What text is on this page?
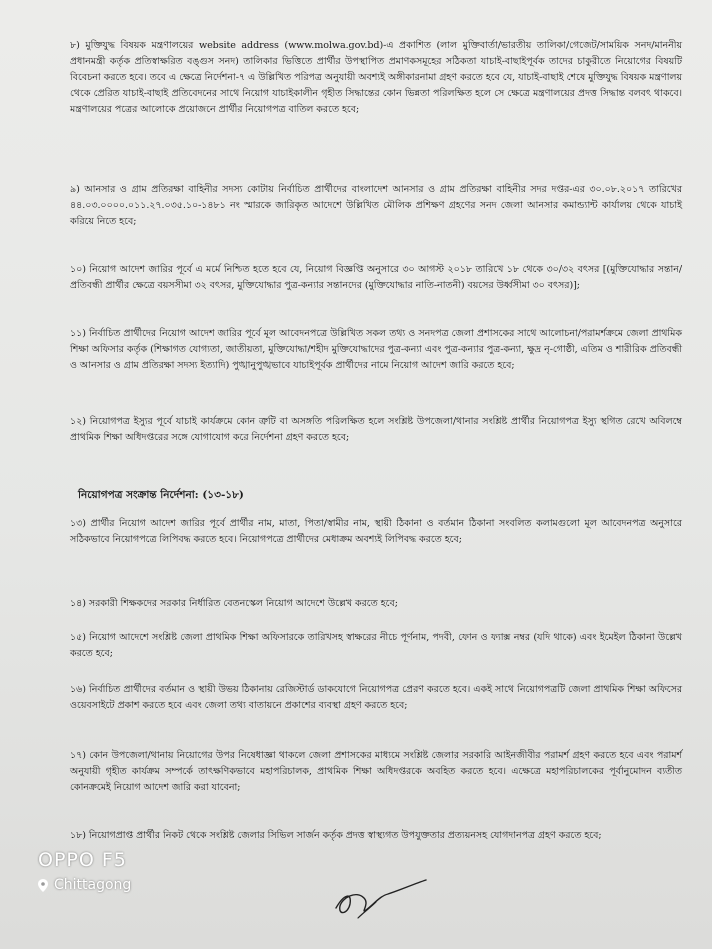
৮) মুক্তিযুদ্ধ বিষয়ক মন্ত্রণালয়ের website address (www.molwa.gov.bd)-এ প্রকাশিত (লাল মুক্তিবার্তা/ভারতীয় তালিকা/গেজেট/সাময়িক সনদ/মাননীয় প্রধানমন্ত্রী কর্তৃক প্রতিস্বাক্ষরিত বঙ্গুস সনদ) তালিকার ভিত্তিতে প্রার্থীর উপস্থাপিত প্রমাণকসমূহের সঠিকতা যাচাই-বাছাইপূর্বক তাদের চাকুরীতে নিয়োগের বিষয়টি বিবেচনা করতে হবে। তবে এ ক্ষেত্রে নির্দেশনা-৭ এ উল্লিখিত পরিপত্র অনুযায়ী অবশ্যই অঙ্গীকারনামা গ্রহণ করতে হবে যে, যাচাই-বাছাই শেষে মুক্তিযুদ্ধ বিষয়ক মন্ত্রণালয় থেকে প্রেরিত যাচাই-বাছাই প্রতিবেদনের সাথে নিয়োগ যাচাইকালীন গৃহীত সিদ্ধান্তের কোন ভিন্নতা পরিলক্ষিত হলে সে ক্ষেত্রে মন্ত্রণালয়ের প্রদত্ত সিদ্ধান্ত বলবৎ থাকবে। মন্ত্রণালয়ের পত্রের আলোকে প্রয়োজনে প্রার্থীর নিয়োগপত্র বাতিল করতে হবে;

৯) আনসার ও গ্রাম প্রতিরক্ষা বাহিনীর সদস্য কোটায় নির্বাচিত প্রার্থীদের বাংলাদেশ আনসার ও গ্রাম প্রতিরক্ষা বাহিনীর সদর দপ্তর-এর ৩০.০৮.২০১৭ তারিখের ৪৪.০৩.০০০০.০১১.২৭.০৩৫.১০-১৪৮১ নং স্মারকে জারিকৃত আদেশে উল্লিখিত মৌলিক প্রশিক্ষণ গ্রহণের সনদ জেলা আনসার কমান্ড্যান্ট কার্যালয় থেকে যাচাই করিয়ে নিতে হবে;

১০) নিয়োগ আদেশ জারির পূর্বে এ মর্মে নিশ্চিত হতে হবে যে, নিয়োগ বিজ্ঞপ্তি অনুসারে ৩০ আগস্ট ২০১৮ তারিখে ১৮ থেকে ৩০/৩২ বৎসর [(মুক্তিযোদ্ধার সন্তান/প্রতিবন্ধী প্রার্থীর ক্ষেত্রে বয়সসীমা ৩২ বৎসর, মুক্তিযোদ্ধার পুত্র-কন্যার সন্তানদের (মুক্তিযোদ্ধার নাতি-নাতনী) বয়সের উর্ধ্বসীমা ৩০ বৎসর)];

১১) নির্বাচিত প্রার্থীদের নিয়োগ আদেশ জারির পূর্বে মূল আবেদনপত্রে উল্লিখিত সকল তথ্য ও সনদপত্র জেলা প্রশাসকের সাথে আলোচনা/পরামর্শক্রমে জেলা প্রাথমিক শিক্ষা অফিসার কর্তৃক (শিক্ষাগত যোগ্যতা, জাতীয়তা, মুক্তিযোদ্ধা/শহীদ মুক্তিযোদ্ধাদের পুত্র-কন্যা এবং পুত্র-কন্যার পুত্র-কন্যা, ক্ষুদ্র নৃ-গোষ্ঠী, এতিম ও শারীরিক প্রতিবন্ধী ও আনসার ও গ্রাম প্রতিরক্ষা সদস্য ইত্যাদি) পুঙ্খানুপুঙ্খভাবে যাচাইপূর্বক প্রার্থীদের নামে নিয়োগ আদেশ জারি করতে হবে;

১২) নিয়োগপত্র ইস্যুর পূর্বে যাচাই কার্যক্রমে কোন ত্রুটি বা অসঙ্গতি পরিলক্ষিত হলে সংশ্লিষ্ট উপজেলা/থানার সংশ্লিষ্ট প্রার্থীর নিয়োগপত্র ইস্যু স্থগিত রেখে অবিলম্বে প্রাথমিক শিক্ষা অধিদপ্তরের সঙ্গে যোগাযোগ করে নির্দেশনা গ্রহণ করতে হবে;

নিয়োগপত্র সংক্রান্ত নির্দেশনা: (১৩-১৮)

১৩) প্রার্থীর নিয়োগ আদেশ জারির পূর্বে প্রার্থীর নাম, মাতা, পিতা/স্বামীর নাম, স্থায়ী ঠিকানা ও বর্তমান ঠিকানা সংবলিত কলামগুলো মূল আবেদনপত্র অনুসারে সঠিকভাবে নিয়োগপত্রে লিপিবদ্ধ করতে হবে। নিয়োগপত্রে প্রার্থীদের মেধাক্রম অবশ্যই লিপিবদ্ধ করতে হবে;

১৪) সরকারী শিক্ষকদের সরকার নির্ধারিত বেতনস্কেল নিয়োগ আদেশে উল্লেখ করতে হবে;

১৫) নিয়োগ আদেশে সংশ্লিষ্ট জেলা প্রাথমিক শিক্ষা অফিসারকে তারিখসহ স্বাক্ষরের নীচে পূর্ণনাম, পদবী, ফোন ও ফ্যাক্স নম্বর (যদি থাকে) এবং ইমেইল ঠিকানা উল্লেখ করতে হবে;

১৬) নির্বাচিত প্রার্থীদের বর্তমান ও স্থায়ী উভয় ঠিকানায় রেজিস্টার্ড ডাকযোগে নিয়োগপত্র প্রেরণ করতে হবে। একই সাথে নিয়োগপত্রটি জেলা প্রাথমিক শিক্ষা অফিসের ওয়েবসাইটে প্রকাশ করতে হবে এবং জেলা তথ্য বাতায়নে প্রকাশের ব্যবস্থা গ্রহণ করতে হবে;

১৭) কোন উপজেলা/থানায় নিয়োগের উপর নিষেধাজ্ঞা থাকলে জেলা প্রশাসকের মাধ্যমে সংশ্লিষ্ট জেলার সরকারি আইনজীবীর পরামর্শ গ্রহণ করতে হবে এবং পরামর্শ অনুযায়ী গৃহীত কার্যক্রম সম্পর্কে তাৎক্ষণিকভাবে মহাপরিচালক, প্রাথমিক শিক্ষা অধিদপ্তরকে অবহিত করতে হবে। এক্ষেত্রে মহাপরিচালকের পূর্বানুমোদন ব্যতীত কোনক্রমেই নিয়োগ আদেশ জারি করা যাবেনা;

১৮) নিয়োগপ্রাপ্ত প্রার্থীর নিকট থেকে সংশ্লিষ্ট জেলার সিভিল সার্জন কর্তৃক প্রদত্ত স্বাস্থ্যগত উপযুক্ততার প্রত্যয়নসহ যোগদানপত্র গ্রহণ করতে হবে;

OPPO F5
Chittagong
